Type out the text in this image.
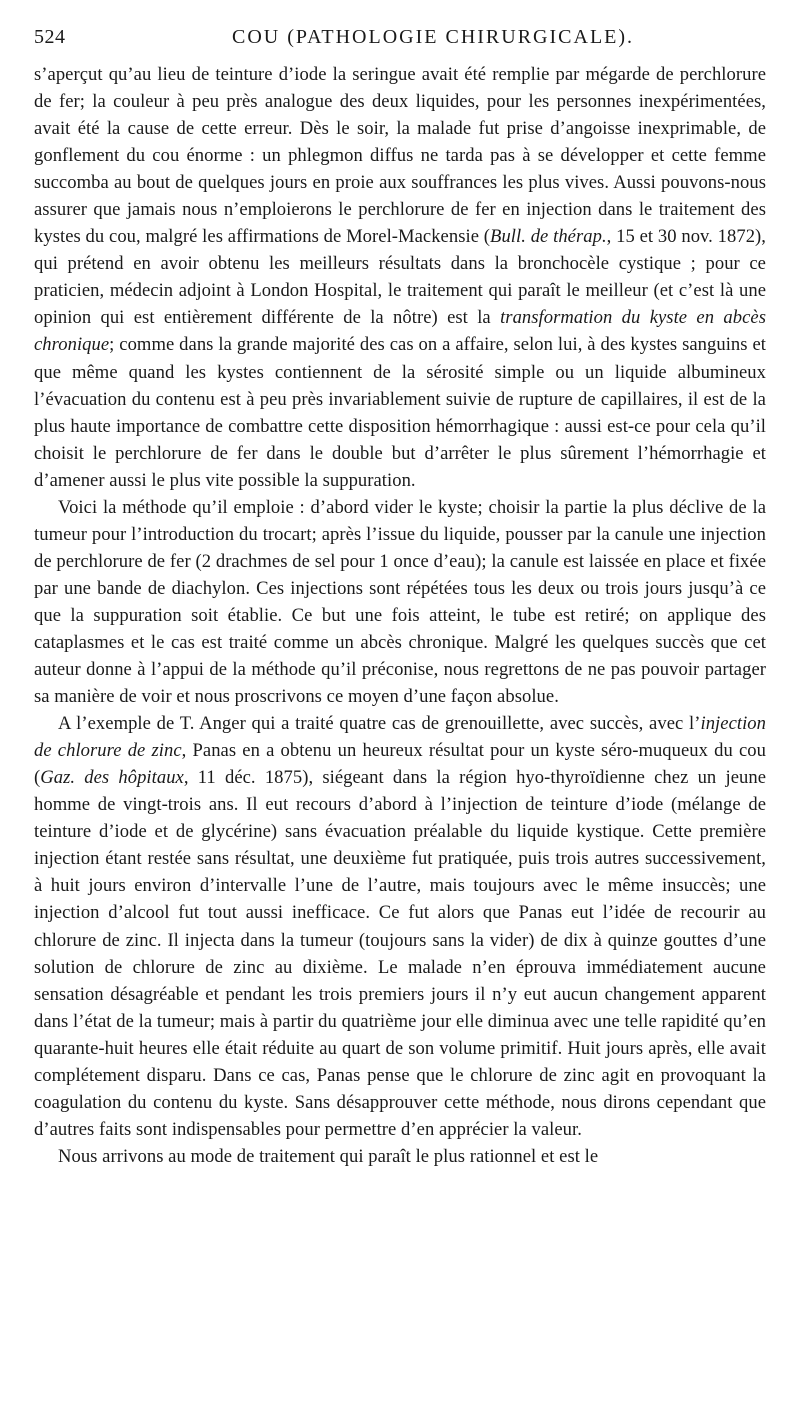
524	COU (PATHOLOGIE CHIRURGICALE).

s’aperçut qu’au lieu de teinture d’iode la seringue avait été remplie par mégarde de perchlorure de fer; la couleur à peu près analogue des deux liquides, pour les personnes inexpérimentées, avait été la cause de cette erreur. Dès le soir, la malade fut prise d’angoisse inexprimable, de gonflement du cou énorme : un phlegmon diffus ne tarda pas à se développer et cette femme succomba au bout de quelques jours en proie aux souffrances les plus vives. Aussi pouvons-nous assurer que jamais nous n’emploierons le perchlorure de fer en injection dans le traitement des kystes du cou, malgré les affirmations de Morel-Mackensie (Bull. de thérap., 15 et 30 nov. 1872), qui prétend en avoir obtenu les meilleurs résultats dans la bronchocèle cystique ; pour ce praticien, médecin adjoint à London Hospital, le traitement qui paraît le meilleur (et c’est là une opinion qui est entièrement différente de la nôtre) est la transformation du kyste en abcès chronique; comme dans la grande majorité des cas on a affaire, selon lui, à des kystes sanguins et que même quand les kystes contiennent de la sérosité simple ou un liquide albumineux l’évacuation du contenu est à peu près invariablement suivie de rupture de capillaires, il est de la plus haute importance de combattre cette disposition hémorrhagique : aussi est-ce pour cela qu’il choisit le perchlorure de fer dans le double but d’arrêter le plus sûrement l’hémorrhagie et d’amener aussi le plus vite possible la suppuration.

Voici la méthode qu’il emploie : d’abord vider le kyste; choisir la partie la plus déclive de la tumeur pour l’introduction du trocart; après l’issue du liquide, pousser par la canule une injection de perchlorure de fer (2 drachmes de sel pour 1 once d’eau); la canule est laissée en place et fixée par une bande de diachylon. Ces injections sont répétées tous les deux ou trois jours jusqu’à ce que la suppuration soit établie. Ce but une fois atteint, le tube est retiré; on applique des cataplasmes et le cas est traité comme un abcès chronique. Malgré les quelques succès que cet auteur donne à l’appui de la méthode qu’il préconise, nous regrettons de ne pas pouvoir partager sa manière de voir et nous proscrivons ce moyen d’une façon absolue.

A l’exemple de T. Anger qui a traité quatre cas de grenouillette, avec succès, avec l’injection de chlorure de zinc, Panas en a obtenu un heureux résultat pour un kyste séro-muqueux du cou (Gaz. des hôpitaux, 11 déc. 1875), siégeant dans la région hyo-thyroïdienne chez un jeune homme de vingt-trois ans. Il eut recours d’abord à l’injection de teinture d’iode (mélange de teinture d’iode et de glycérine) sans évacuation préalable du liquide kystique. Cette première injection étant restée sans résultat, une deuxième fut pratiquée, puis trois autres successivement, à huit jours environ d’intervalle l’une de l’autre, mais toujours avec le même insuccès; une injection d’alcool fut tout aussi inefficace. Ce fut alors que Panas eut l’idée de recourir au chlorure de zinc. Il injecta dans la tumeur (toujours sans la vider) de dix à quinze gouttes d’une solution de chlorure de zinc au dixième. Le malade n’en éprouva immédiatement aucune sensation désagréable et pendant les trois premiers jours il n’y eut aucun changement apparent dans l’état de la tumeur; mais à partir du quatrième jour elle diminua avec une telle rapidité qu’en quarante-huit heures elle était réduite au quart de son volume primitif. Huit jours après, elle avait complétement disparu. Dans ce cas, Panas pense que le chlorure de zinc agit en provoquant la coagulation du contenu du kyste. Sans désapprouver cette méthode, nous dirons cependant que d’autres faits sont indispensables pour permettre d’en apprécier la valeur.

Nous arrivons au mode de traitement qui paraît le plus rationnel et est le
